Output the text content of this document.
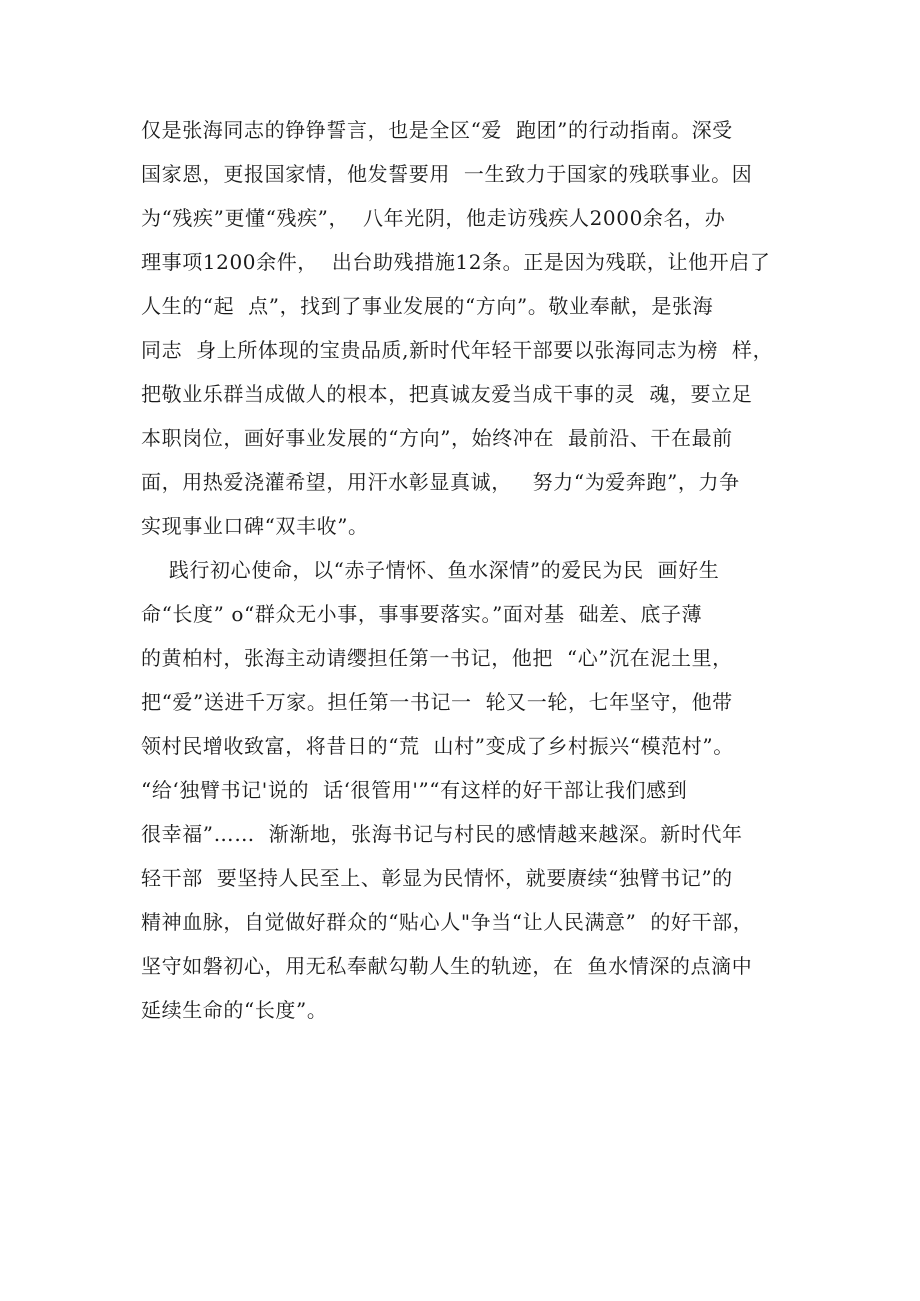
仅是张海同志的铮铮誓言，也是全区“爱  跑团”的行动指南。深受
国家恩，更报国家情，他发誓要用  一生致力于国家的残联事业。因
为“残疾”更懂“残疾”，  八年光阴，他走访残疾人2000余名，办
理事项1200余件，  出台助残措施12条。正是因为残联，让他开启了
人生的“起  点”，找到了事业发展的“方向”。敬业奉献，是张海
同志  身上所体现的宝贵品质,新时代年轻干部要以张海同志为榜  样，
把敬业乐群当成做人的根本，把真诚友爱当成干事的灵  魂，要立足
本职岗位，画好事业发展的“方向”，始终冲在  最前沿、干在最前
面，用热爱浇灌希望，用汗水彰显真诚，   努力“为爱奔跑”，力争
实现事业口碑“双丰收”。
践行初心使命，以“赤子情怀、鱼水深情”的爱民为民  画好生
命“长度” o“群众无小事，事事要落实。”面对基  础差、底子薄
的黄柏村，张海主动请缨担任第一书记，他把  “心”沉在泥土里，
把“爱”送进千万家。担任第一书记一  轮又一轮，七年坚守，他带
领村民增收致富，将昔日的“荒  山村”变成了乡村振兴“模范村”。
“给‘独臂书记'说的  话‘很管用'”“有这样的好干部让我们感到
很幸福”……  渐渐地，张海书记与村民的感情越来越深。新时代年
轻干部  要坚持人民至上、彰显为民情怀，就要赓续“独臂书记”的
精神血脉，自觉做好群众的“贴心人"争当“让人民满意”  的好干部，
坚守如磐初心，用无私奉献勾勒人生的轨迹，在  鱼水情深的点滴中
延续生命的“长度”。
